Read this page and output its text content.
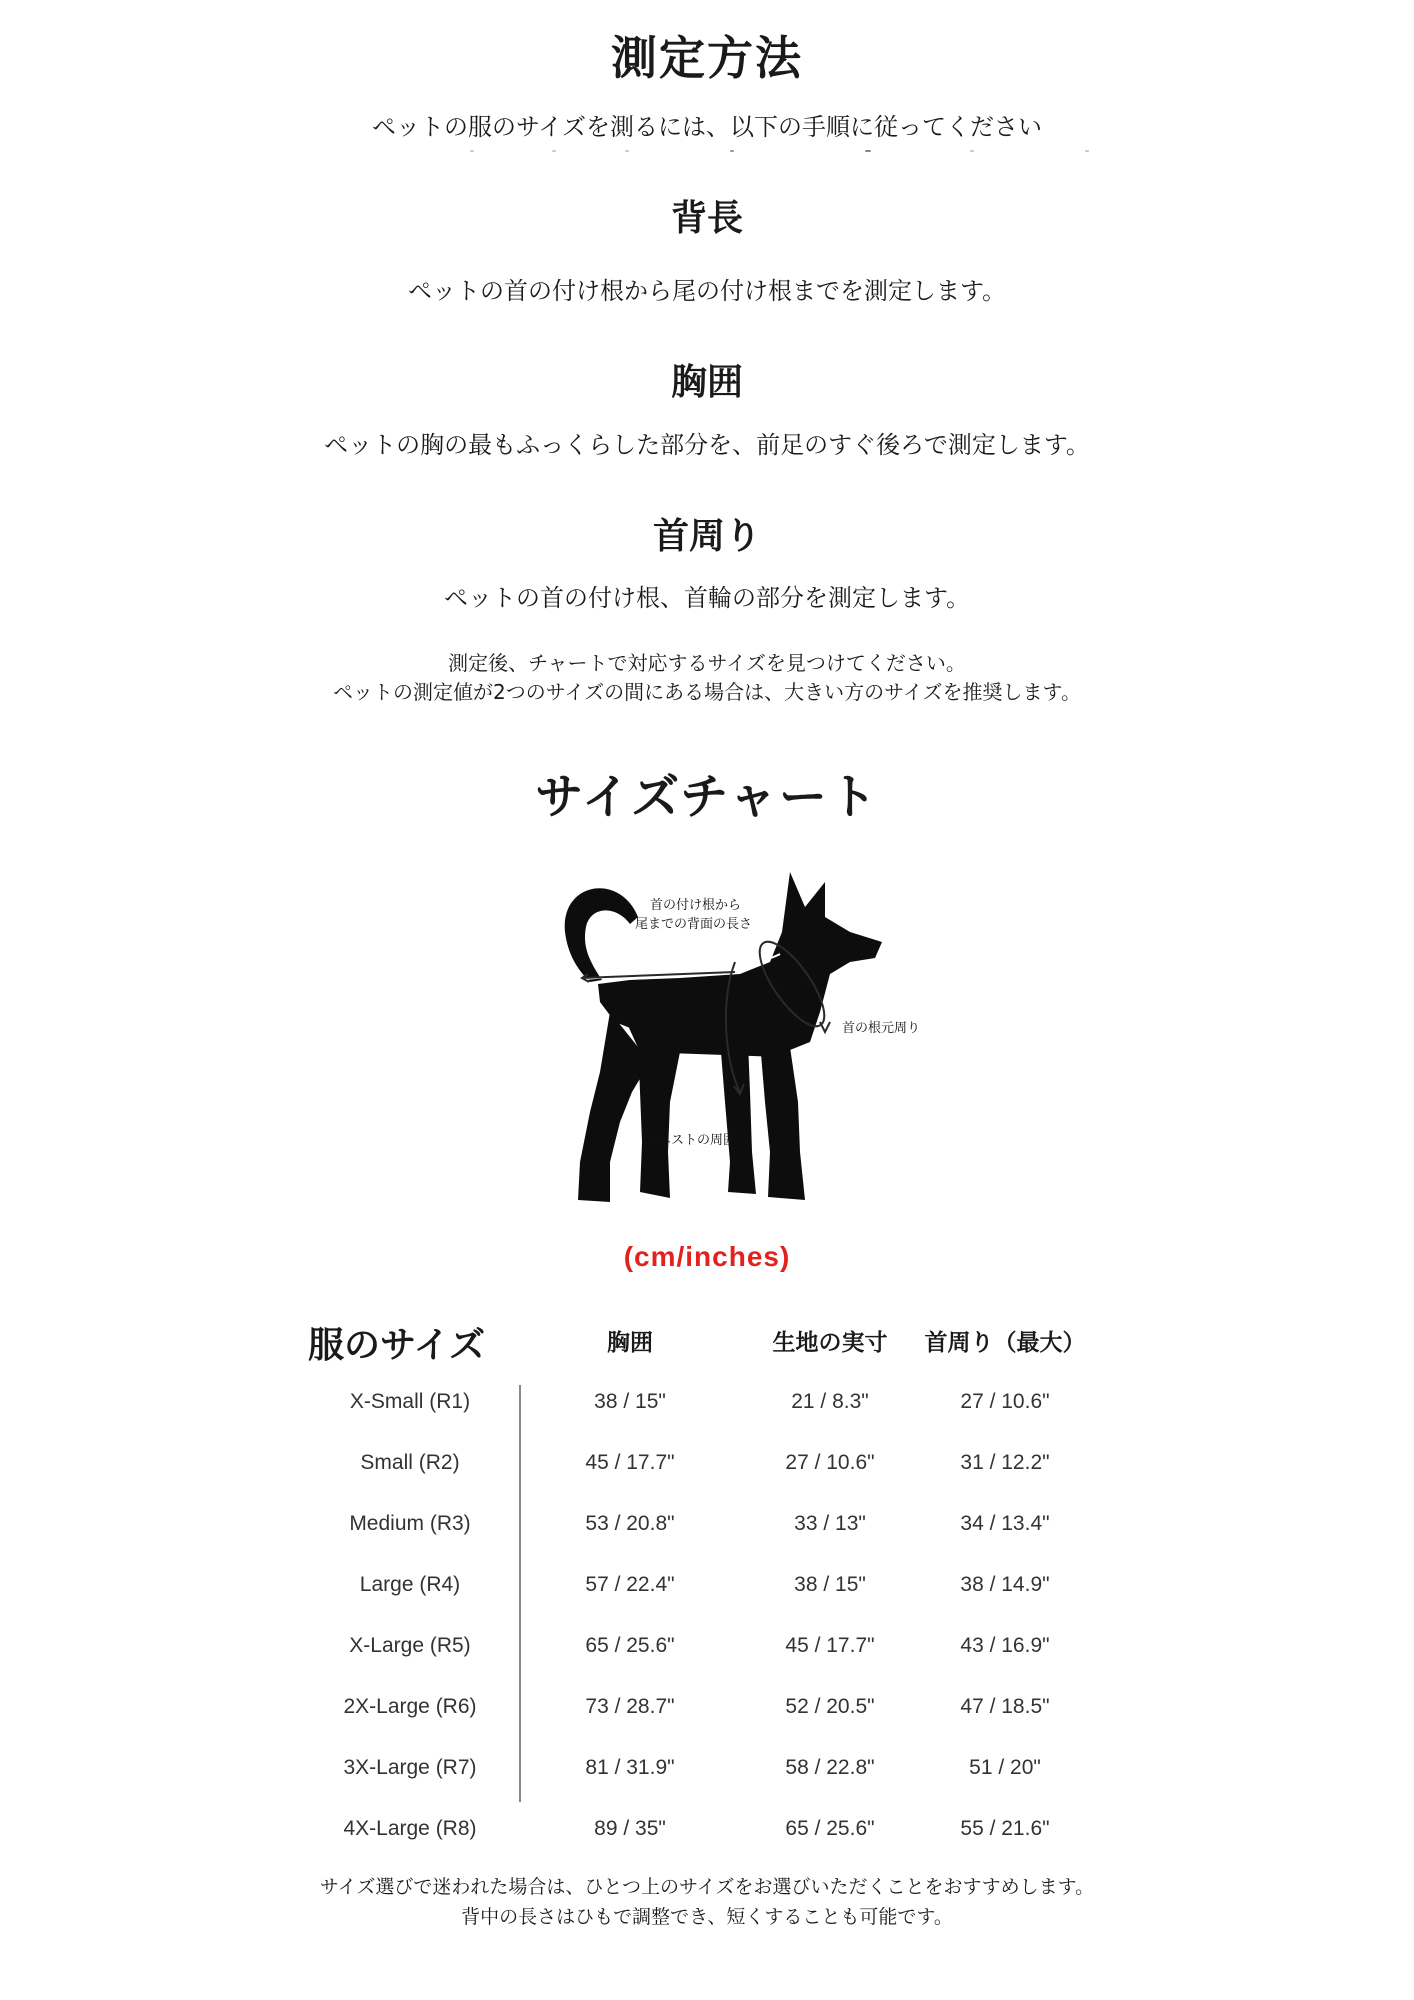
測定方法
ペットの服のサイズを測るには、以下の手順に従ってください
背長
ペットの首の付け根から尾の付け根までを測定します。
胸囲
ペットの胸の最もふっくらした部分を、前足のすぐ後ろで測定します。
首周り
ペットの首の付け根、首輪の部分を測定します。
測定後、チャートで対応するサイズを見つけてください。
ペットの測定値が2つのサイズの間にある場合は、大きい方のサイズを推奨します。
サイズチャート
首の付け根から
尾までの背面の長さ
首の根元周り
ウエストの周囲
(cm/inches)
服のサイズ	胸囲	生地の実寸	首周り（最大）
X-Small (R1)	38 / 15"	21 / 8.3"	27 / 10.6"
Small (R2)	45 / 17.7"	27 / 10.6"	31 / 12.2"
Medium (R3)	53 / 20.8"	33 / 13"	34 / 13.4"
Large (R4)	57 / 22.4"	38 / 15"	38 / 14.9"
X-Large (R5)	65 / 25.6"	45 / 17.7"	43 / 16.9"
2X-Large (R6)	73 / 28.7"	52 / 20.5"	47 / 18.5"
3X-Large (R7)	81 / 31.9"	58 / 22.8"	51 / 20"
4X-Large (R8)	89 / 35"	65 / 25.6"	55 / 21.6"
サイズ選びで迷われた場合は、ひとつ上のサイズをお選びいただくことをおすすめします。
背中の長さはひもで調整でき、短くすることも可能です。
